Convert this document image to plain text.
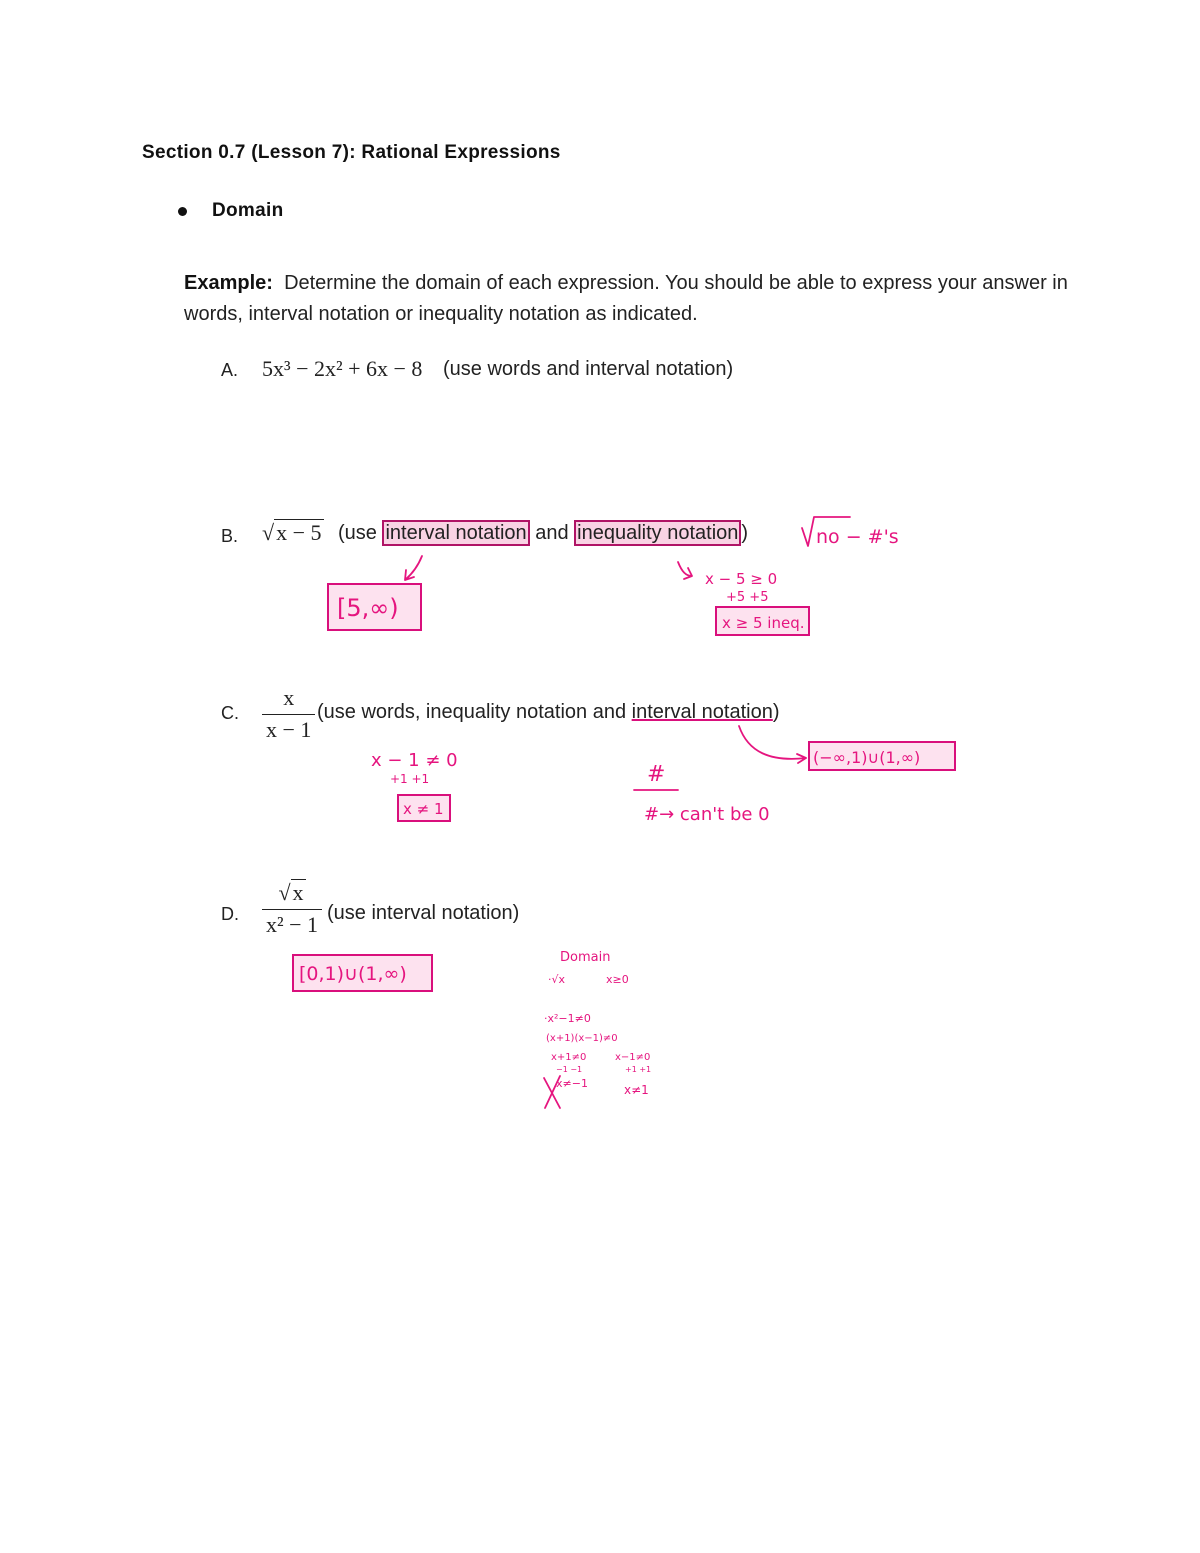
Section 0.7 (Lesson 7): Rational Expressions
Domain
Example: Determine the domain of each expression. You should be able to express your answer in words, interval notation or inequality notation as indicated.
A. 5x³ − 2x² + 6x − 8 (use words and interval notation)
B. √x − 5 (use interval notation and inequality notation )
C. $\frac{x}{x - 1} (use$ words, inequality notation and interval notation)
D. $\frac{√x}{\text{x² − 1}} (use$ interval notation)
[5,∞)
no − #'s
x − 5 ≥ 0
+5 +5
x ≥ 5 ineq.
x − 1 ≠ 0
+1 +1
x ≠ 1
#
#→ can't be 0
(−∞,1)∪(1,∞)
[0,1)∪(1,∞)
Domain
·√x	x≥0
·x²−1≠0
(x+1)(x−1)≠0
x+1≠0	x−1≠0
−1 −1	+1 +1
x≠−1	x≠1
